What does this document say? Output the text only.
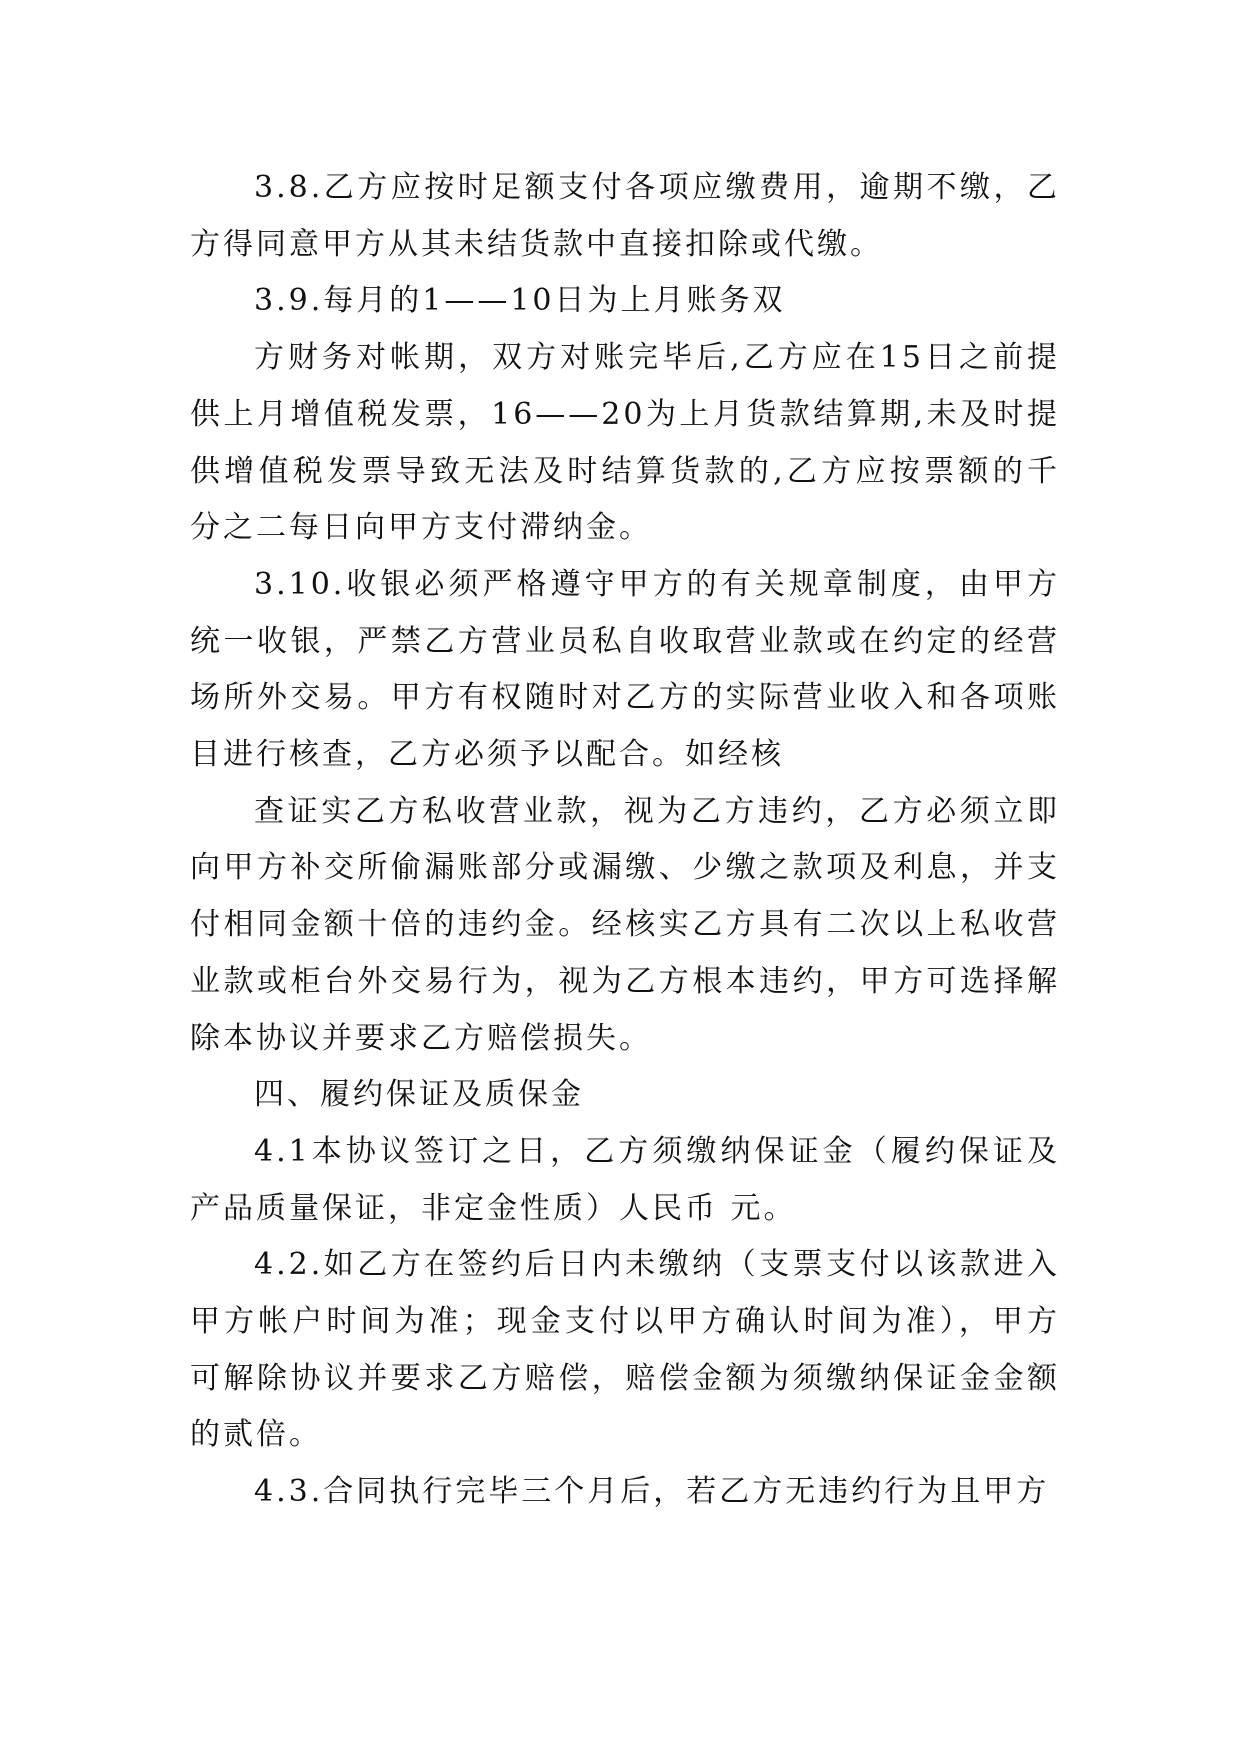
3.8.乙方应按时足额支付各项应缴费用，逾期不缴，乙方得同意甲方从其未结货款中直接扣除或代缴。

3.9.每月的1——10日为上月账务双

方财务对帐期，双方对账完毕后,乙方应在15日之前提供上月增值税发票，16——20为上月货款结算期,未及时提供增值税发票导致无法及时结算货款的,乙方应按票额的千分之二每日向甲方支付滞纳金。

3.10.收银必须严格遵守甲方的有关规章制度，由甲方统一收银，严禁乙方营业员私自收取营业款或在约定的经营场所外交易。甲方有权随时对乙方的实际营业收入和各项账目进行核查，乙方必须予以配合。如经核

查证实乙方私收营业款，视为乙方违约，乙方必须立即向甲方补交所偷漏账部分或漏缴、少缴之款项及利息，并支付相同金额十倍的违约金。经核实乙方具有二次以上私收营业款或柜台外交易行为，视为乙方根本违约，甲方可选择解除本协议并要求乙方赔偿损失。

四、履约保证及质保金

4.1本协议签订之日，乙方须缴纳保证金（履约保证及产品质量保证，非定金性质）人民币 元。

4.2.如乙方在签约后日内未缴纳（支票支付以该款进入甲方帐户时间为准；现金支付以甲方确认时间为准），甲方可解除协议并要求乙方赔偿，赔偿金额为须缴纳保证金金额的贰倍。

4.3.合同执行完毕三个月后，若乙方无违约行为且甲方
